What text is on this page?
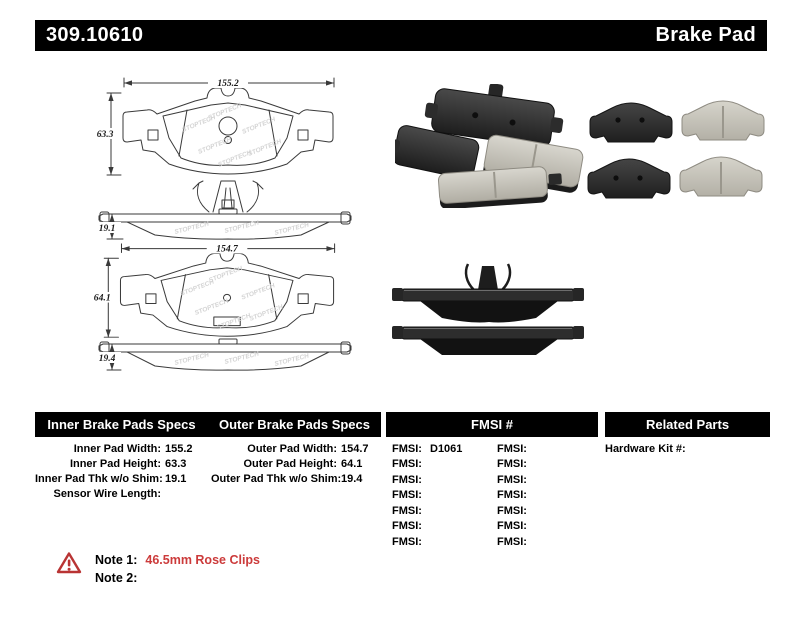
309.10610	Brake Pad
STOPTECH
STOPTECH
STOPTECH
STOPTECH STOPTECH
STOPTECH
155.2
63.3
STOPTECH STOPTECH STOPTECH
19.1
STOPTECH
STOPTECH
STOPTECH
STOPTECH	STOPTECH
STOPTECH
154.7
64.1
STOPTECH STOPTECH STOPTECH
19.4
Inner Brake Pads Specs	Outer Brake Pads Specs	FMSI #	Related Parts
Inner Pad Width: 155.2
Inner Pad Height: 63.3
Inner Pad Thk w/o Shim: 19.1
Sensor Wire Length:
Outer Pad Width: 154.7
Outer Pad Height: 64.1
Outer Pad Thk w/o Shim: 19.4
FMSI: D1061
FMSI:
FMSI:
FMSI:
FMSI:
FMSI:
FMSI:
FMSI:
FMSI:
FMSI:
FMSI:
FMSI:
FMSI:
FMSI:
Hardware Kit #:
Note 1: 46.5mm Rose Clips
Note 2:
